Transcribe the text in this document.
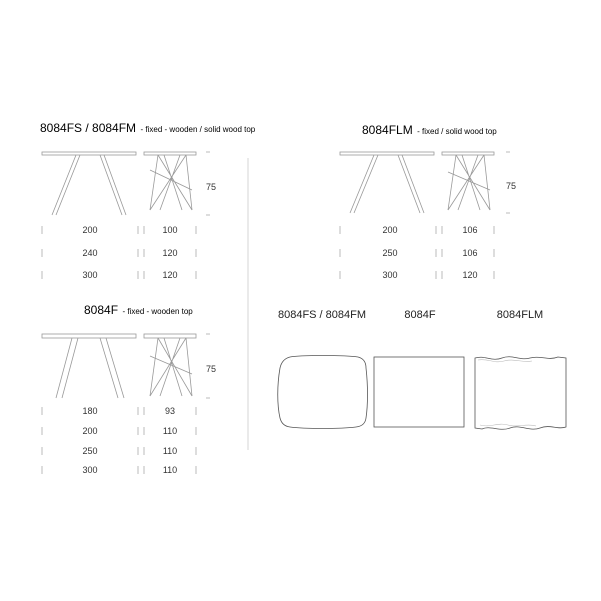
8084FS / 8084FM - fixed - wooden / solid wood top
75
200	100
240	120
300	120
8084F - fixed - wooden top
75
180	93
200	110
250	110
300	110
8084FLM - fixed / solid wood top
75
200	106
250	106
300	120
8084FS / 8084FM	8084F	8084FLM
